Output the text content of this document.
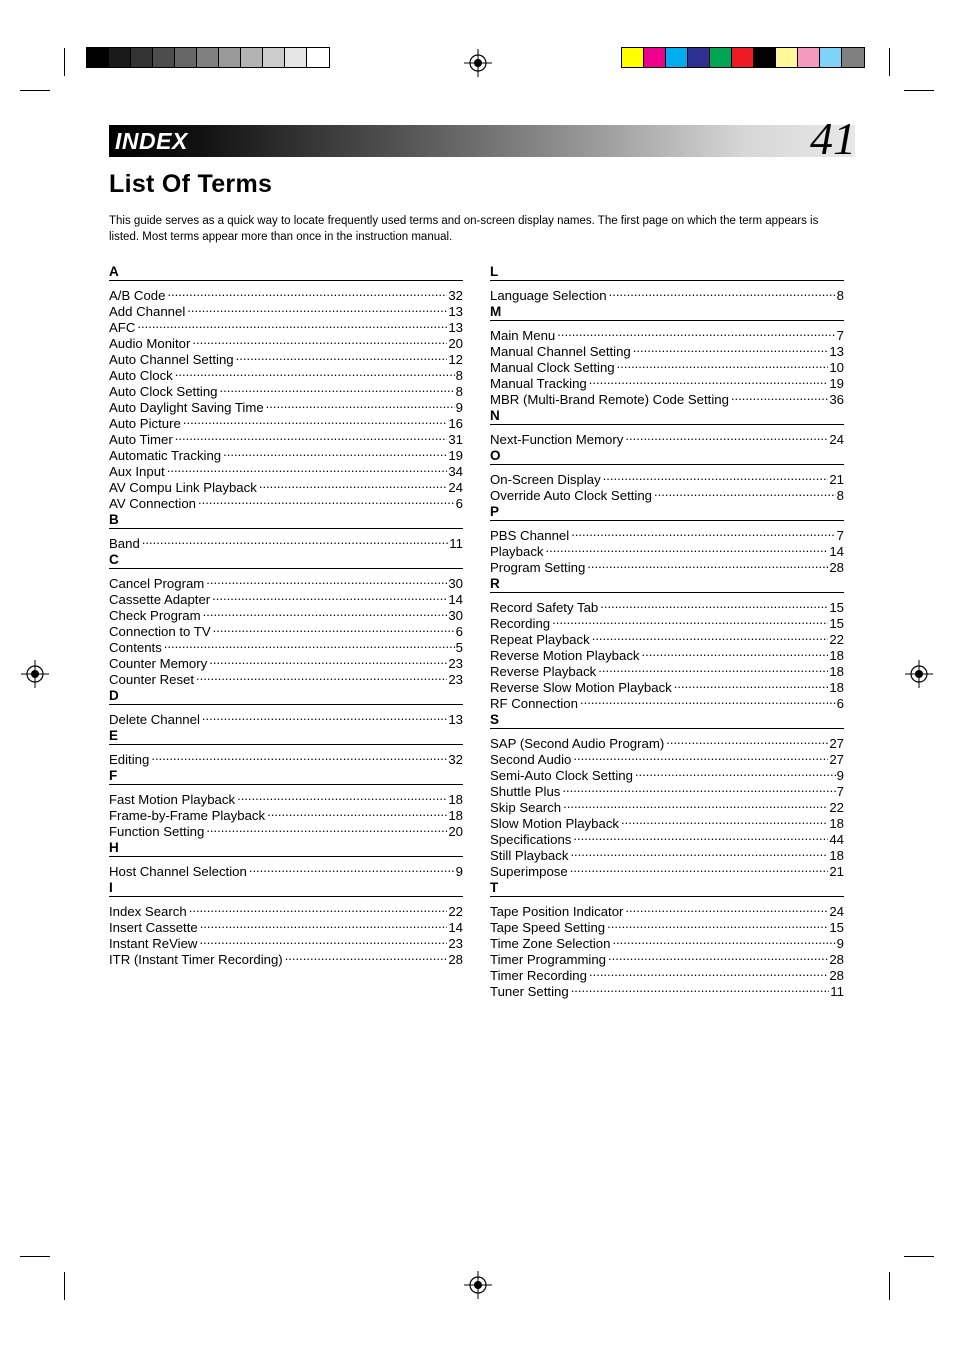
INDEX	41
List Of Terms
This guide serves as a quick way to locate frequently used terms and on-screen display names. The first page on which the term appears is listed. Most terms appear more than once in the instruction manual.
A
A/B Code .....	32
Add Channel .....	13
AFC .....	13
Audio Monitor .....	20
Auto Channel Setting .....	12
Auto Clock .....	8
Auto Clock Setting .....	8
Auto Daylight Saving Time .....	9
Auto Picture .....	16
Auto Timer .....	31
Automatic Tracking .....	19
Aux Input .....	34
AV Compu Link Playback .....	24
AV Connection .....	6
B
Band .....	11
C
Cancel Program .....	30
Cassette Adapter .....	14
Check Program .....	30
Connection to TV .....	6
Contents .....	5
Counter Memory .....	23
Counter Reset .....	23
D
Delete Channel .....	13
E
Editing .....	32
F
Fast Motion Playback .....	18
Frame-by-Frame Playback .....	18
Function Setting .....	20
H
Host Channel Selection .....	9
I
Index Search .....	22
Insert Cassette .....	14
Instant ReView .....	23
ITR (Instant Timer Recording) .....	28
L
Language Selection .....	8
M
Main Menu .....	7
Manual Channel Setting .....	13
Manual Clock Setting .....	10
Manual Tracking .....	19
MBR (Multi-Brand Remote) Code Setting .....	36
N
Next-Function Memory .....	24
O
On-Screen Display .....	21
Override Auto Clock Setting .....	8
P
PBS Channel .....	7
Playback .....	14
Program Setting .....	28
R
Record Safety Tab .....	15
Recording .....	15
Repeat Playback .....	22
Reverse Motion Playback .....	18
Reverse Playback .....	18
Reverse Slow Motion Playback .....	18
RF Connection .....	6
S
SAP (Second Audio Program) .....	27
Second Audio .....	27
Semi-Auto Clock Setting .....	9
Shuttle Plus .....	7
Skip Search .....	22
Slow Motion Playback .....	18
Specifications .....	44
Still Playback .....	18
Superimpose .....	21
T
Tape Position Indicator .....	24
Tape Speed Setting .....	15
Time Zone Selection .....	9
Timer Programming .....	28
Timer Recording .....	28
Tuner Setting .....	11
